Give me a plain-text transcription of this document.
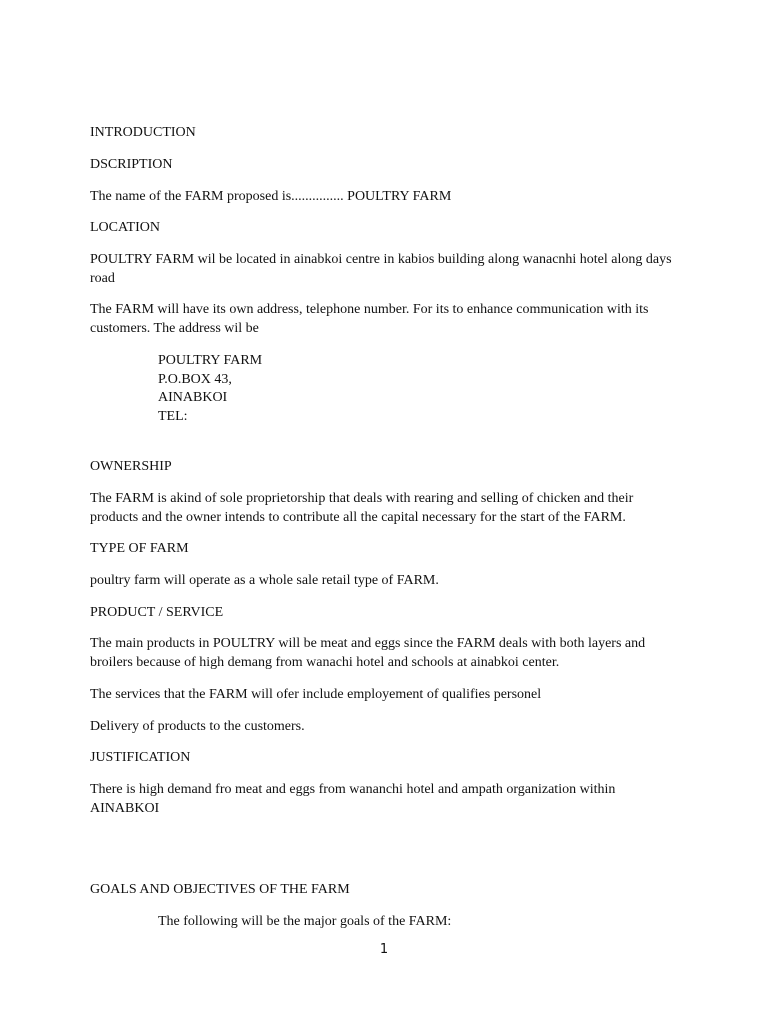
INTRODUCTION
DSCRIPTION
The name of the FARM proposed is............... POULTRY FARM
LOCATION
POULTRY FARM wil be located in ainabkoi centre in kabios building along wanacnhi hotel along days road
The FARM will have its own address, telephone number. For its to enhance communication with its customers. The address wil be
POULTRY FARM
P.O.BOX 43,
AINABKOI
TEL:
OWNERSHIP
The FARM is akind of sole proprietorship that deals with rearing and selling of chicken and their products and the owner intends to contribute all the capital necessary for the start of the FARM.
TYPE OF FARM
poultry farm will operate as a whole sale retail type of FARM.
PRODUCT / SERVICE
The main products in POULTRY will be meat and eggs since the FARM deals with both layers and broilers because of high demang from wanachi hotel and schools at ainabkoi center.
The services that the FARM will ofer include employement of qualifies personel
Delivery of products to the customers.
JUSTIFICATION
There is high demand fro meat and eggs from wananchi hotel and ampath organization within AINABKOI
GOALS AND OBJECTIVES OF THE FARM
The following will be the major goals of the FARM:
1
